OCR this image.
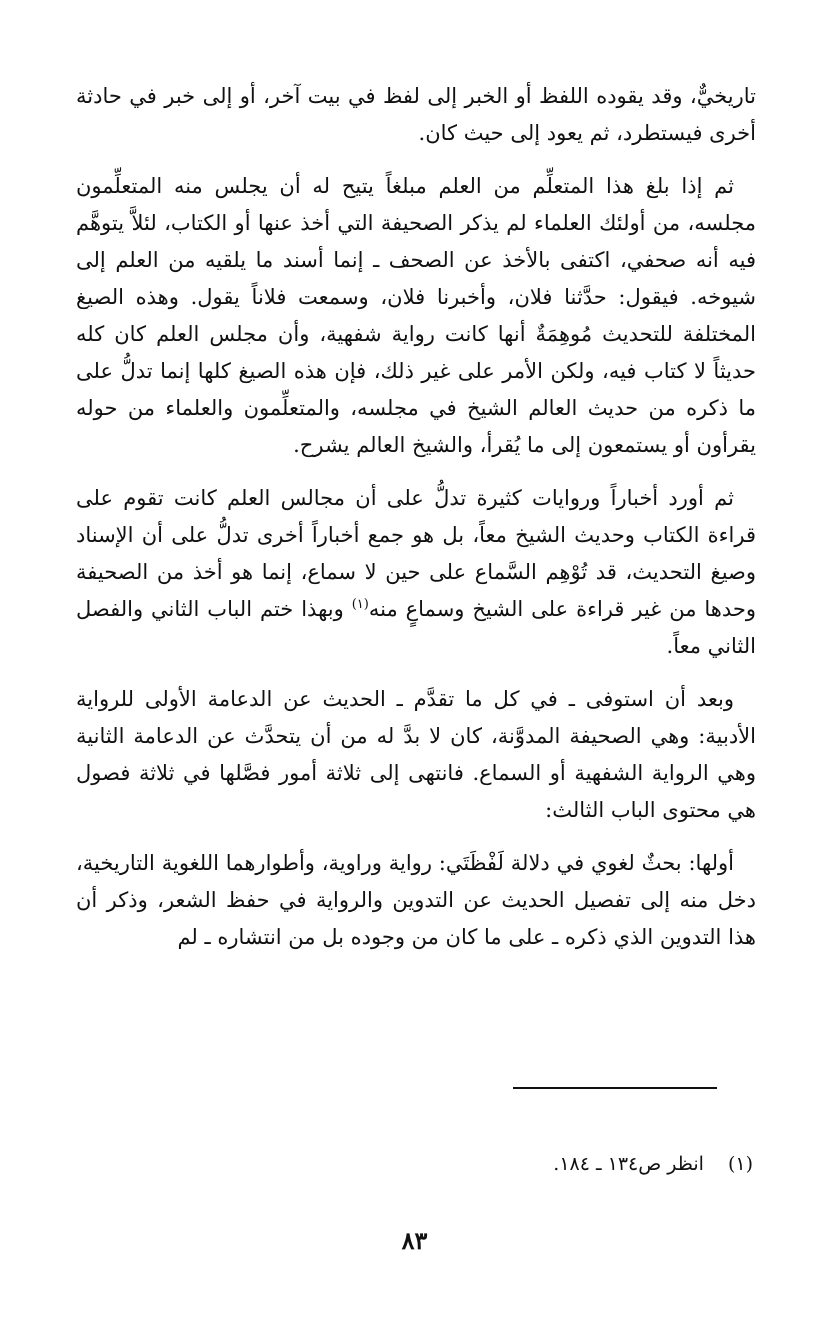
تاريخيٌّ، وقد يقوده اللفظ أو الخبر إلى لفظ في بيت آخر، أو إلى خبر في حادثة أخرى فيستطرد، ثم يعود إلى حيث كان.

ثم إذا بلغ هذا المتعلِّم من العلم مبلغاً يتيح له أن يجلس منه المتعلِّمون مجلسه، من أولئك العلماء لم يذكر الصحيفة التي أخذ عنها أو الكتاب، لئلاَّ يتوهَّم فيه أنه صحفي، اكتفى بالأخذ عن الصحف ـ إنما أسند ما يلقيه من العلم إلى شيوخه. فيقول: حدَّثنا فلان، وأخبرنا فلان، وسمعت فلاناً يقول. وهذه الصيغ المختلفة للتحديث مُوهِمَةٌ أنها كانت رواية شفهية، وأن مجلس العلم كان كله حديثاً لا كتاب فيه، ولكن الأمر على غير ذلك، فإن هذه الصيغ كلها إنما تدلُّ على ما ذكره من حديث العالم الشيخ في مجلسه، والمتعلِّمون والعلماء من حوله يقرأون أو يستمعون إلى ما يُقرأ، والشيخ العالم يشرح.

ثم أورد أخباراً وروايات كثيرة تدلُّ على أن مجالس العلم كانت تقوم على قراءة الكتاب وحديث الشيخ معاً، بل هو جمع أخباراً أخرى تدلُّ على أن الإسناد وصيغ التحديث، قد تُوْهِم السَّماع على حين لا سماع، إنما هو أخذ من الصحيفة وحدها من غير قراءة على الشيخ وسماعٍ منه$^{(١)}$ وبهذا ختم الباب الثاني والفصل الثاني معاً.

وبعد أن استوفى ـ في كل ما تقدَّم ـ الحديث عن الدعامة الأولى للرواية الأدبية: وهي الصحيفة المدوَّنة، كان لا بدَّ له من أن يتحدَّث عن الدعامة الثانية وهي الرواية الشفهية أو السماع. فانتهى إلى ثلاثة أمور فصَّلها في ثلاثة فصول هي محتوى الباب الثالث:

أولها: بحثٌ لغوي في دلالة لَفْظَتَي: رواية وراوية، وأطوارهما اللغوية التاريخية، دخل منه إلى تفصيل الحديث عن التدوين والرواية في حفظ الشعر، وذكر أن هذا التدوين الذي ذكره ـ على ما كان من وجوده بل من انتشاره ـ لم

(١) انظر ص١٣٤ ـ ١٨٤.
٨٣
